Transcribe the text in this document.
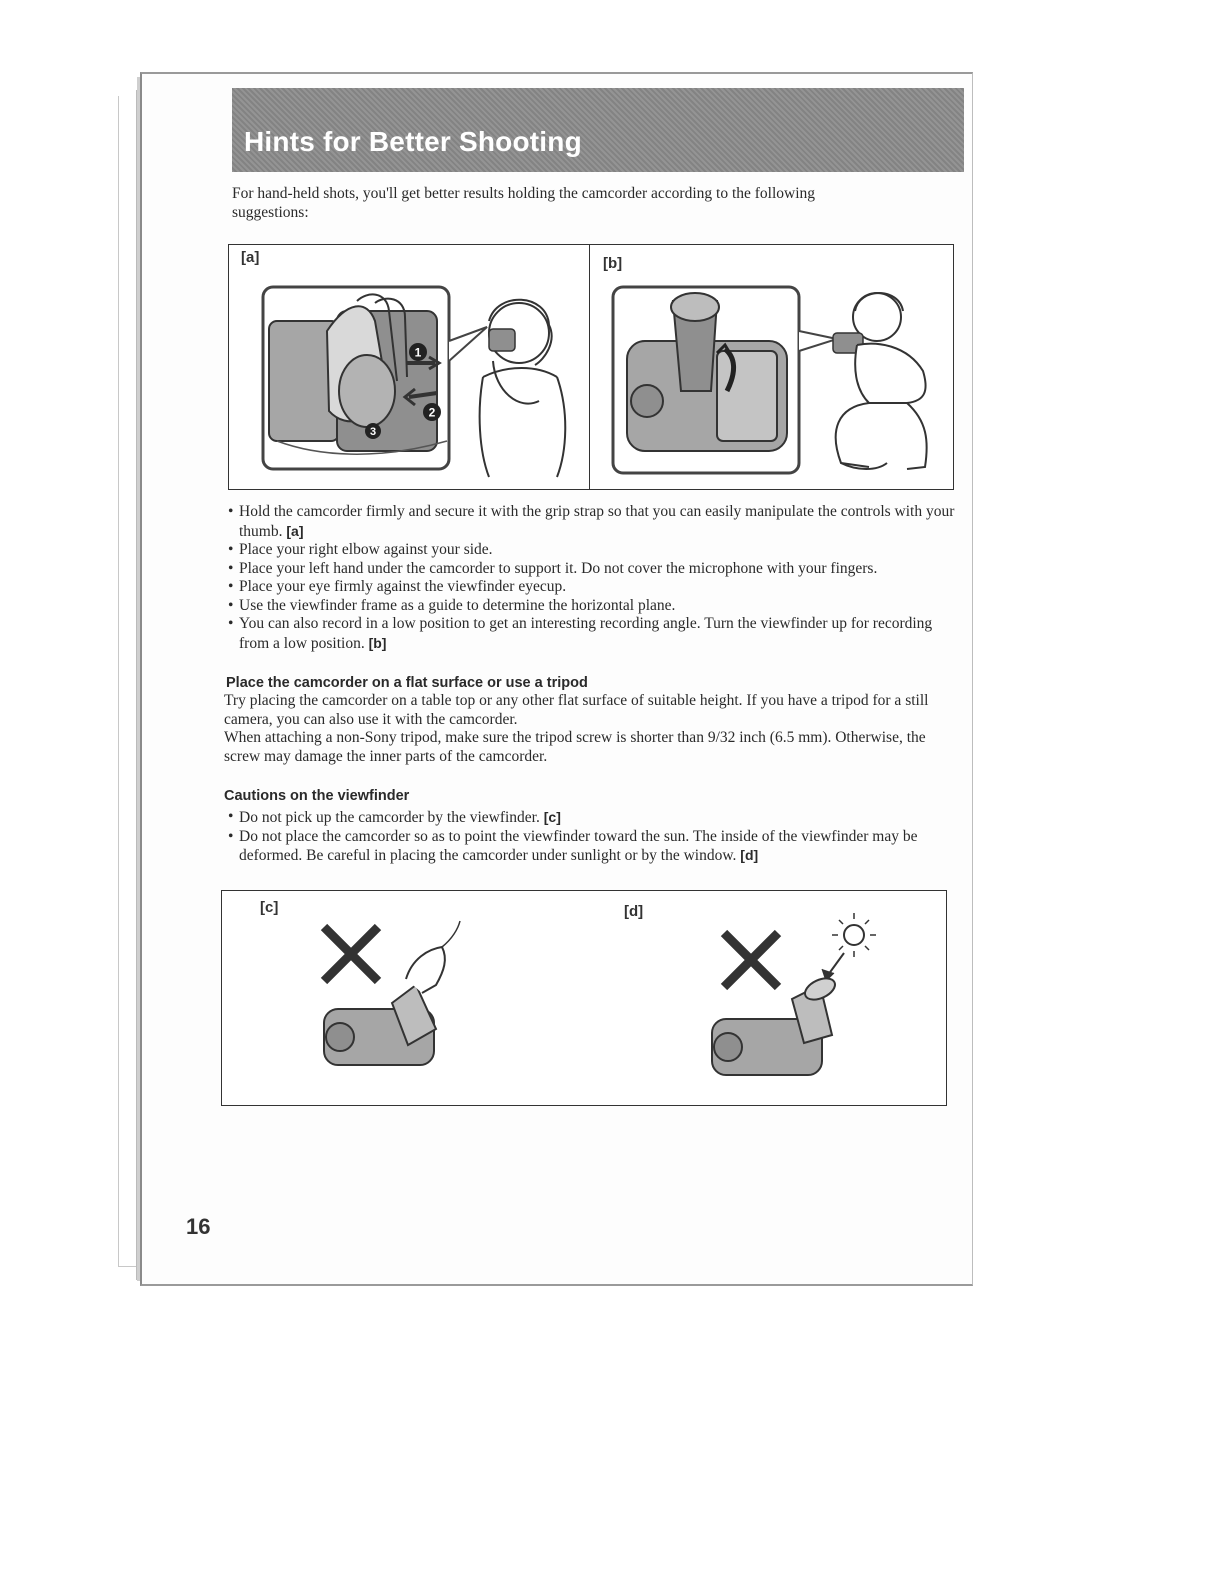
Hints for Better Shooting
For hand-held shots, you'll get better results holding the camcorder according to the following suggestions:
[a]	[b]
1
2
3
• Hold the camcorder firmly and secure it with the grip strap so that you can easily manipulate the controls with your thumb. [a]
• Place your right elbow against your side.
• Place your left hand under the camcorder to support it. Do not cover the microphone with your fingers.
• Place your eye firmly against the viewfinder eyecup.
• Use the viewfinder frame as a guide to determine the horizontal plane.
• You can also record in a low position to get an interesting recording angle. Turn the viewfinder up for recording from a low position. [b]
Place the camcorder on a flat surface or use a tripod

Try placing the camcorder on a table top or any other flat surface of suitable height. If you have a tripod for a still camera, you can also use it with the camcorder.

When attaching a non-Sony tripod, make sure the tripod screw is shorter than 9/32 inch (6.5 mm). Otherwise, the screw may damage the inner parts of the camcorder.

Cautions on the viewfinder
• Do not pick up the camcorder by the viewfinder. [c]
• Do not place the camcorder so as to point the viewfinder toward the sun. The inside of the viewfinder may be deformed. Be careful in placing the camcorder under sunlight or by the window. [d]
[c]	[d]
16
